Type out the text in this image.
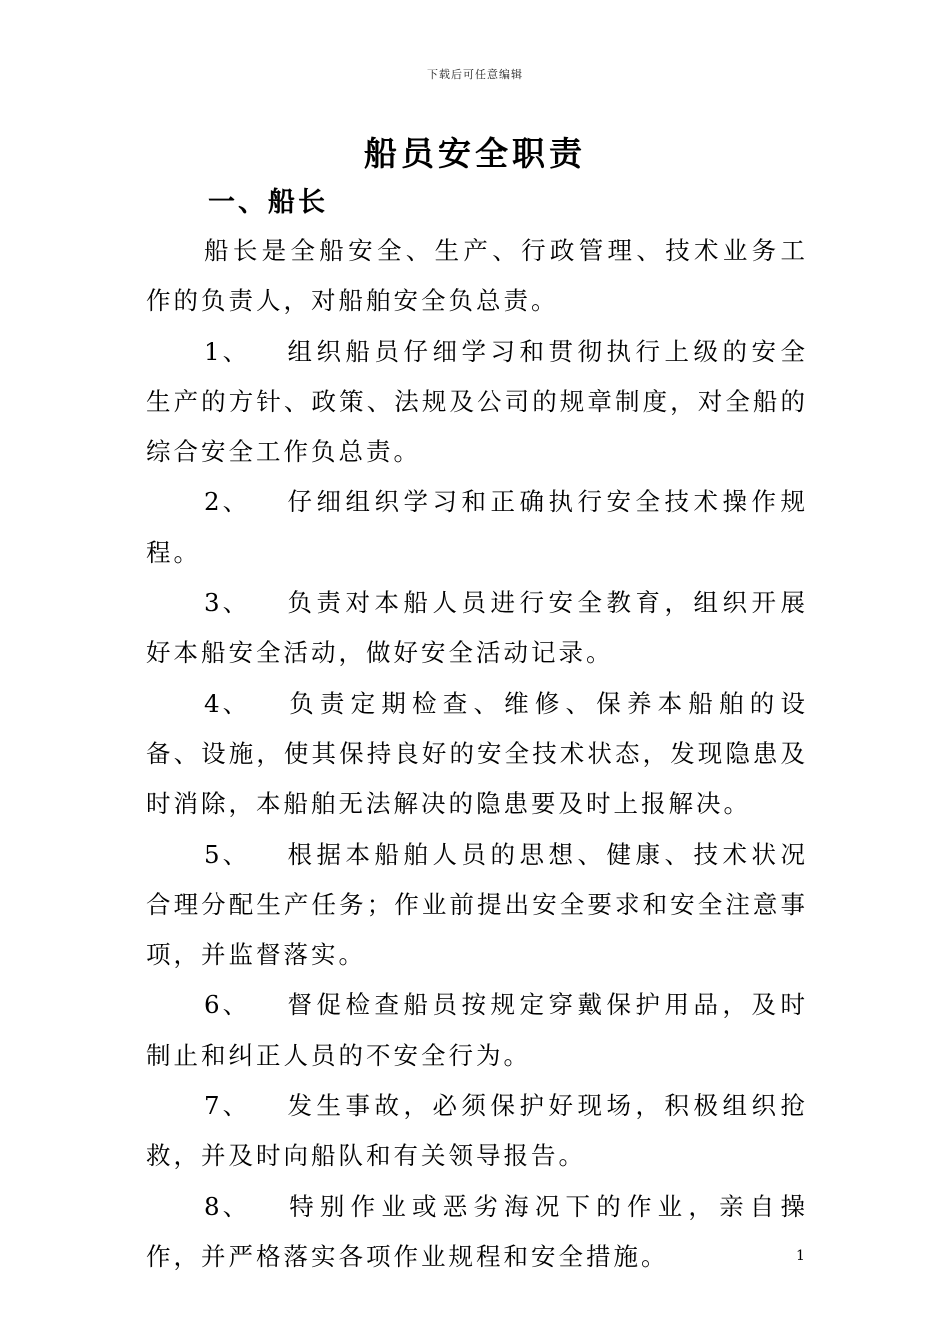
下载后可任意编辑
船员安全职责
一、船长

船长是全船安全、生产、行政管理、技术业务工作的负责人，对船舶安全负总责。

1、 组织船员仔细学习和贯彻执行上级的安全生产的方针、政策、法规及公司的规章制度，对全船的综合安全工作负总责。

2、 仔细组织学习和正确执行安全技术操作规程。

3、 负责对本船人员进行安全教育，组织开展好本船安全活动，做好安全活动记录。

4、 负责定期检查、维修、保养本船舶的设备、设施，使其保持良好的安全技术状态，发现隐患及时消除，本船舶无法解决的隐患要及时上报解决。

5、 根据本船舶人员的思想、健康、技术状况合理分配生产任务；作业前提出安全要求和安全注意事项，并监督落实。

6、 督促检查船员按规定穿戴保护用品，及时制止和纠正人员的不安全行为。

7、 发生事故，必须保护好现场，积极组织抢救，并及时向船队和有关领导报告。

8、 特别作业或恶劣海况下的作业，亲自操作，并严格落实各项作业规程和安全措施。	1
